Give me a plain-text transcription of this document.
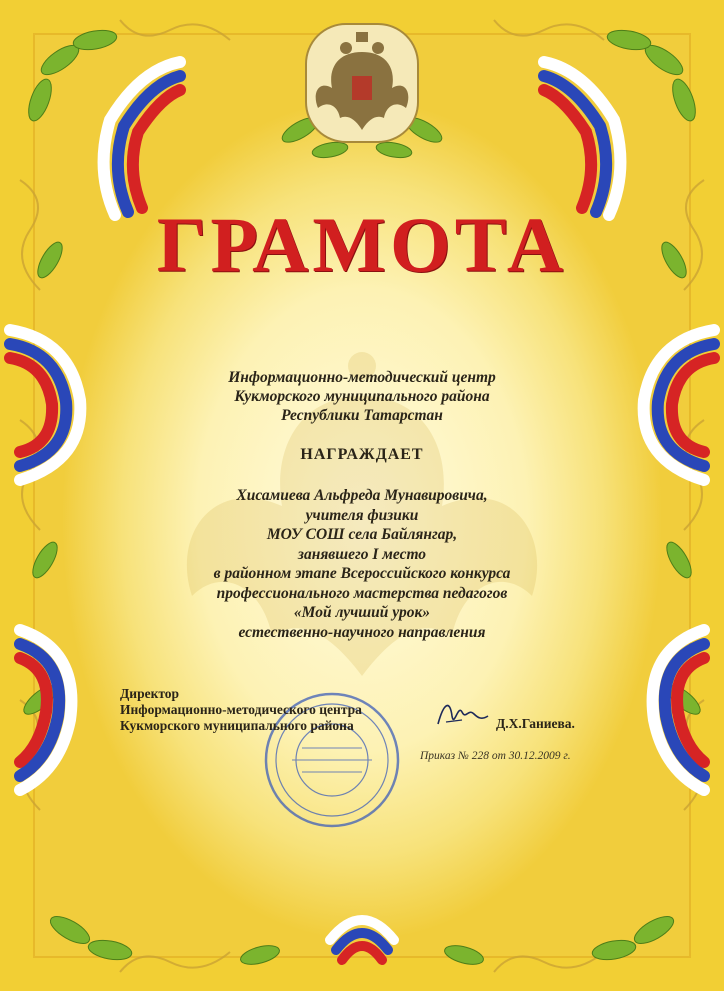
ГРАМОТА
Информационно-методический центр
Кукморского муниципального района
Республики Татарстан
НАГРАЖДАЕТ
Хисамиева Альфреда Мунавировича,
учителя физики
МОУ СОШ села Байлянгар,
занявшего I место
в районном этапе Всероссийского конкурса
профессионального мастерства педагогов
«Мой лучший урок»
естественно-научного направления
Директор
Информационно-методического центра
Кукморского муниципального района	Д.Х.Ганиева.
Приказ № 228 от 30.12.2009 г.
